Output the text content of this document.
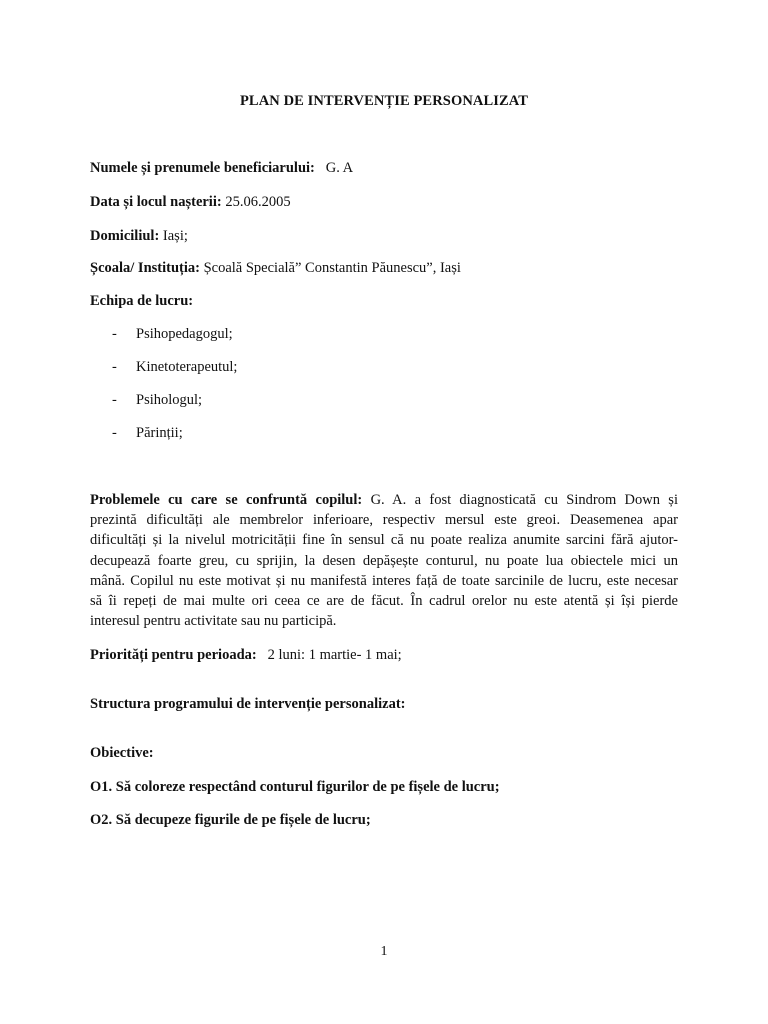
PLAN DE INTERVENȚIE PERSONALIZAT
Numele și prenumele beneficiarului: G. A
Data și locul nașterii: 25.06.2005
Domiciliul: Iași;
Școala/ Instituția: Școală Specială” Constantin Păunescu”, Iași
Echipa de lucru:
- Psihopedagogul;
- Kinetoterapeutul;
- Psihologul;
- Părinții;
Problemele cu care se confruntă copilul: G. A. a fost diagnosticată cu Sindrom Down și
prezintă dificultăți ale membrelor inferioare, respectiv mersul este greoi. Deasemenea apar
dificultăți și la nivelul motricității fine în sensul că nu poate realiza anumite sarcini fără ajutor-
decupează foarte greu, cu sprijin, la desen depășește conturul, nu poate lua obiectele mici un
mână. Copilul nu este motivat și nu manifestă interes față de toate sarcinile de lucru, este necesar
să îi repeți de mai multe ori ceea ce are de făcut. În cadrul orelor nu este atentă și își pierde
interesul pentru activitate sau nu participă.
Priorități pentru perioada: 2 luni: 1 martie- 1 mai;
Structura programului de intervenție personalizat:
Obiective:
O1. Să coloreze respectând conturul figurilor de pe fișele de lucru;
O2. Să decupeze figurile de pe fișele de lucru;
1
